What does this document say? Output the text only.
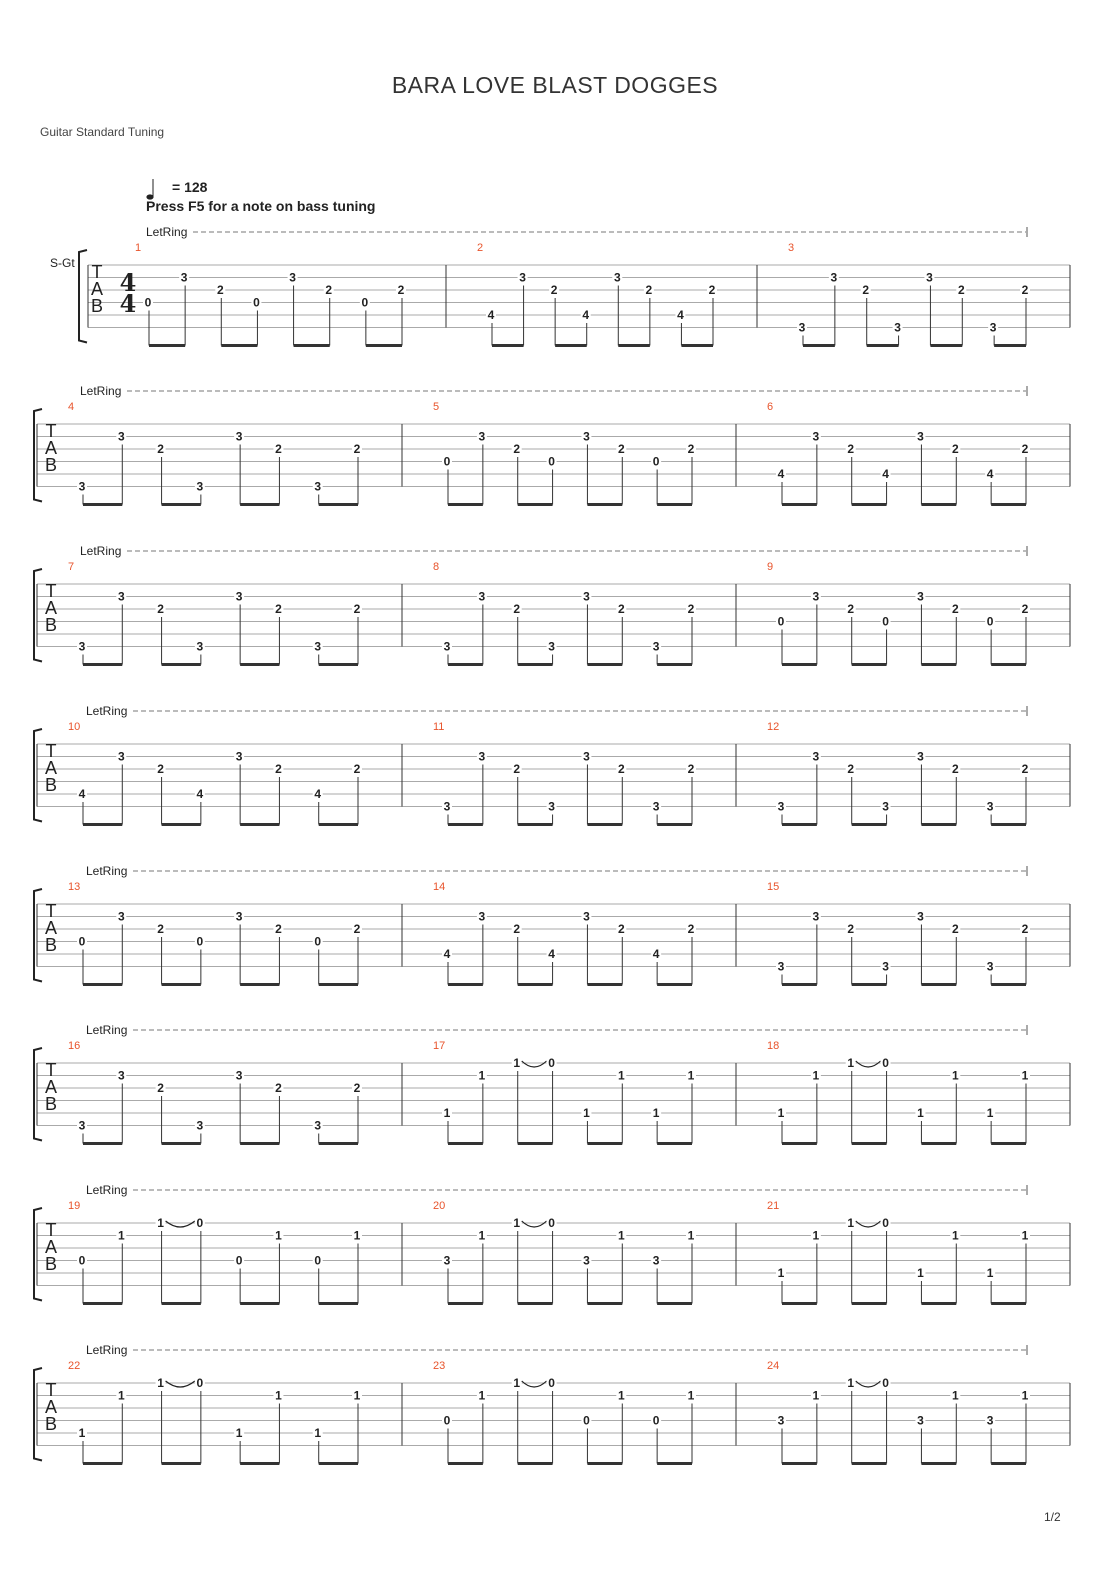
BARA LOVE BLAST DOGGES
Guitar Standard Tuning
= 128
Press F5 for a note on bass tuning
S-Gt
LetRing
T
A
B
4
4
1
0
3
2
0
3
2
0
2
2
4
3
2
4
3
2
4
2
3
3
3
2
3
3
2
3
2
LetRing
T
A
B
4
3
3
2
3
3
2
3
2
5
0
3
2
0
3
2
0
2
6
4
3
2
4
3
2
4
2
LetRing
T
A
B
7
3
3
2
3
3
2
3
2
8
3
3
2
3
3
2
3
2
9
0
3
2
0
3
2
0
2
LetRing
T
A
B
10
4
3
2
4
3
2
4
2
11
3
3
2
3
3
2
3
2
12
3
3
2
3
3
2
3
2
LetRing
T
A
B
13
0
3
2
0
3
2
0
2
14
4
3
2
4
3
2
4
2
15
3
3
2
3
3
2
3
2
LetRing
T
A
B
16
3
3
2
3
3
2
3
2
17
1
1
1 0
1
1
1
1
18
1
1
1 0
1
1
1
1
LetRing
T
A
B
19
0
1
1	0
0
1
0
1
20
3
1
1 0
3
1
3
1
21
1
1
1 0
1
1
1
1
LetRing
T
A
B
22
1
1
1	0
1
1
1
1
23
0
1
1 0
0
1
0
1
24
3
1
1 0
3
1
3
1
1/2
